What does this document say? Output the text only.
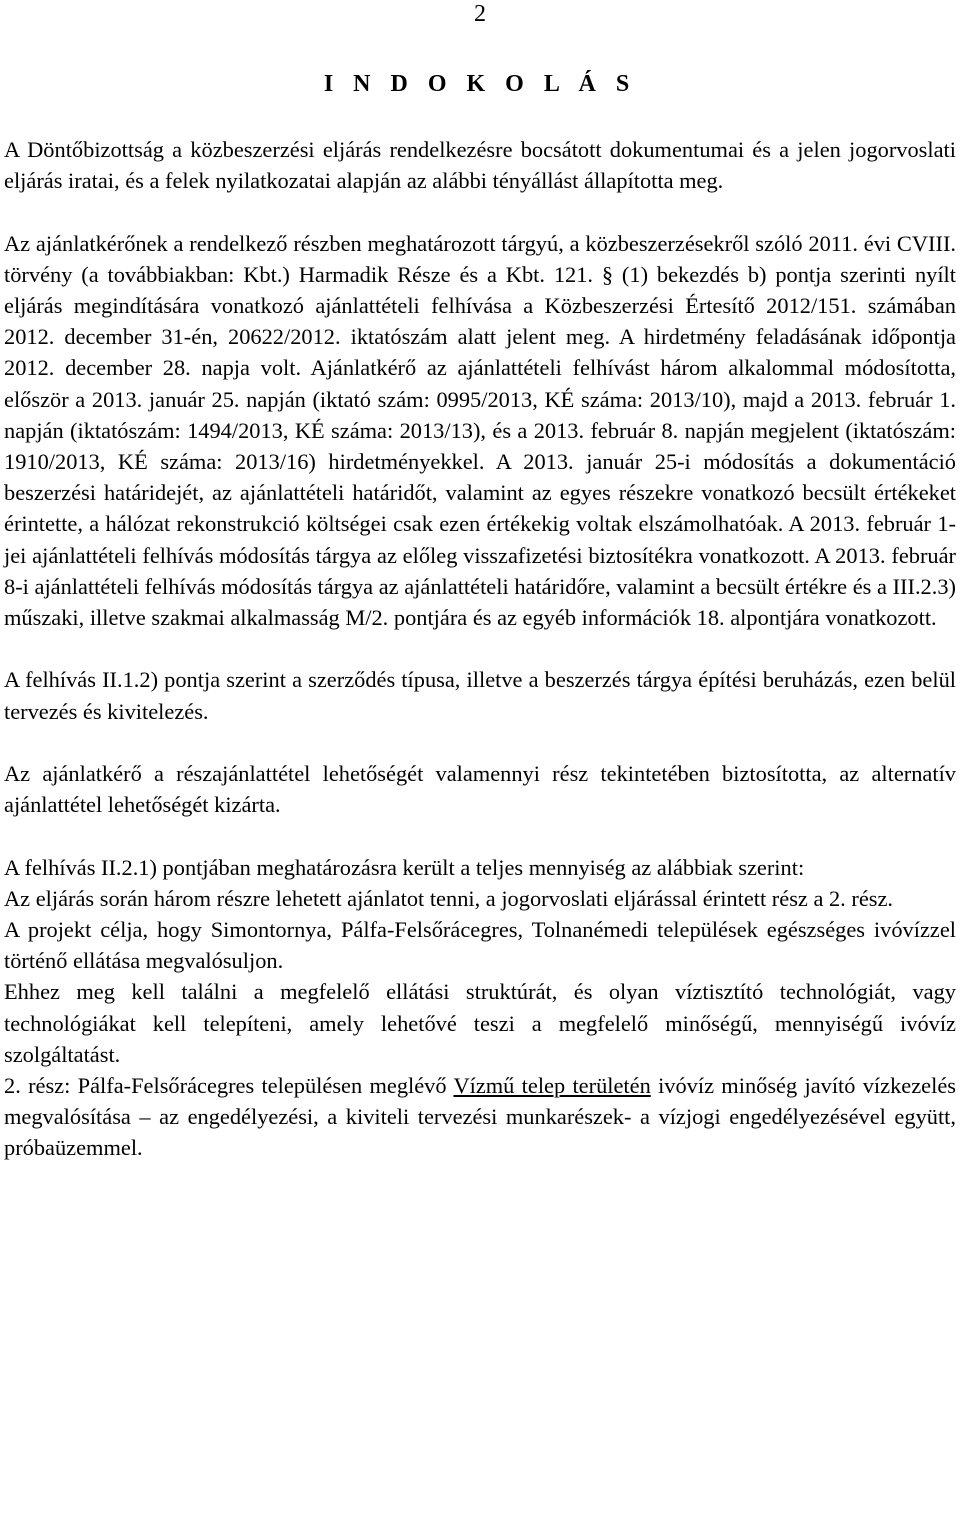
2
I N D O K O L Á S

A Döntőbizottság a közbeszerzési eljárás rendelkezésre bocsátott dokumentumai és a jelen jogorvoslati eljárás iratai, és a felek nyilatkozatai alapján az alábbi tényállást állapította meg.

Az ajánlatkérőnek a rendelkező részben meghatározott tárgyú, a közbeszerzésekről szóló 2011. évi CVIII. törvény (a továbbiakban: Kbt.) Harmadik Része és a Kbt. 121. § (1) bekezdés b) pontja szerinti nyílt eljárás megindítására vonatkozó ajánlattételi felhívása a Közbeszerzési Értesítő 2012/151. számában 2012. december 31-én, 20622/2012. iktatószám alatt jelent meg. A hirdetmény feladásának időpontja 2012. december 28. napja volt. Ajánlatkérő az ajánlattételi felhívást három alkalommal módosította, először a 2013. január 25. napján (iktató szám: 0995/2013, KÉ száma: 2013/10), majd a 2013. február 1. napján (iktatószám: 1494/2013, KÉ száma: 2013/13), és a 2013. február 8. napján megjelent (iktatószám: 1910/2013, KÉ száma: 2013/16) hirdetményekkel. A 2013. január 25-i módosítás a dokumentáció beszerzési határidejét, az ajánlattételi határidőt, valamint az egyes részekre vonatkozó becsült értékeket érintette, a hálózat rekonstrukció költségei csak ezen értékekig voltak elszámolhatóak. A 2013. február 1-jei ajánlattételi felhívás módosítás tárgya az előleg visszafizetési biztosítékra vonatkozott. A 2013. február 8-i ajánlattételi felhívás módosítás tárgya az ajánlattételi határidőre, valamint a becsült értékre és a III.2.3) műszaki, illetve szakmai alkalmasság M/2. pontjára és az egyéb információk 18. alpontjára vonatkozott.

A felhívás II.1.2) pontja szerint a szerződés típusa, illetve a beszerzés tárgya építési beruházás, ezen belül tervezés és kivitelezés.

Az ajánlatkérő a részajánlattétel lehetőségét valamennyi rész tekintetében biztosította, az alternatív ajánlattétel lehetőségét kizárta.

A felhívás II.2.1) pontjában meghatározásra került a teljes mennyiség az alábbiak szerint:

Az eljárás során három részre lehetett ajánlatot tenni, a jogorvoslati eljárással érintett rész a 2. rész.

A projekt célja, hogy Simontornya, Pálfa-Felsőrácegres, Tolnanémedi települések egészséges ivóvízzel történő ellátása megvalósuljon.

Ehhez meg kell találni a megfelelő ellátási struktúrát, és olyan víztisztító technológiát, vagy technológiákat kell telepíteni, amely lehetővé teszi a megfelelő minőségű, mennyiségű ivóvíz szolgáltatást.

2. rész: Pálfa-Felsőrácegres településen meglévő Vízmű telep területén ivóvíz minőség javító vízkezelés megvalósítása – az engedélyezési, a kiviteli tervezési munkarészek- a vízjogi engedélyezésével együtt, próbaüzemmel.
